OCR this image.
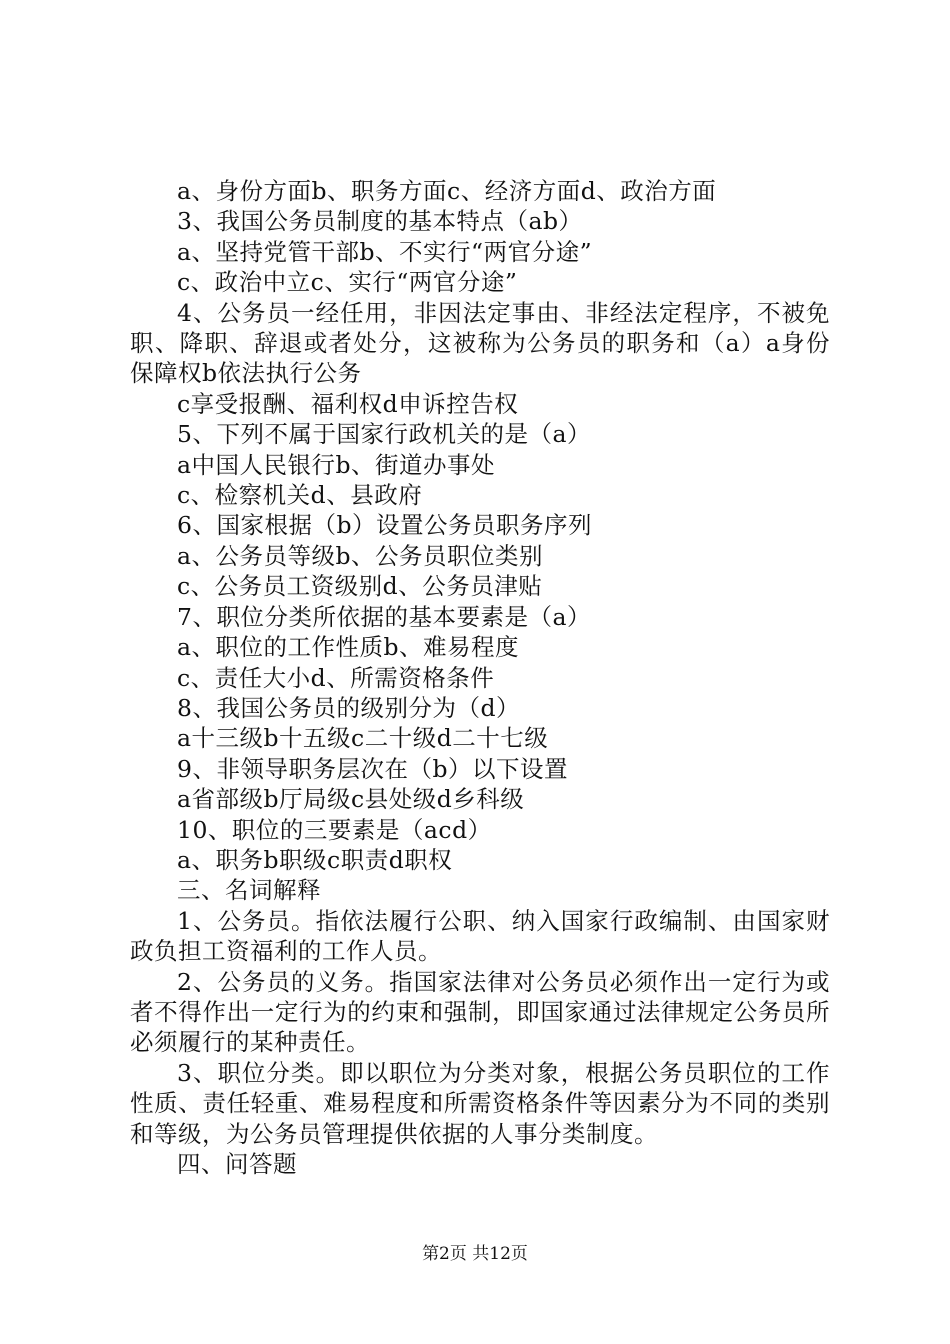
a、身份方面b、职务方面c、经济方面d、政治方面

3、我国公务员制度的基本特点（ab）

a、坚持党管干部b、不实行“两官分途”

c、政治中立c、实行“两官分途”

4、公务员一经任用，非因法定事由、非经法定程序，不被免职、降职、辞退或者处分，这被称为公务员的职务和（a）a身份保障权b依法执行公务

c享受报酬、福利权d申诉控告权

5、下列不属于国家行政机关的是（a）

a中国人民银行b、街道办事处

c、检察机关d、县政府

6、国家根据（b）设置公务员职务序列

a、公务员等级b、公务员职位类别

c、公务员工资级别d、公务员津贴

7、职位分类所依据的基本要素是（a）

a、职位的工作性质b、难易程度

c、责任大小d、所需资格条件

8、我国公务员的级别分为（d）

a十三级b十五级c二十级d二十七级

9、非领导职务层次在（b）以下设置

a省部级b厅局级c县处级d乡科级

10、职位的三要素是（acd）

a、职务b职级c职责d职权

三、名词解释

1、公务员。指依法履行公职、纳入国家行政编制、由国家财政负担工资福利的工作人员。

2、公务员的义务。指国家法律对公务员必须作出一定行为或者不得作出一定行为的约束和强制，即国家通过法律规定公务员所必须履行的某种责任。

3、职位分类。即以职位为分类对象，根据公务员职位的工作性质、责任轻重、难易程度和所需资格条件等因素分为不同的类别和等级，为公务员管理提供依据的人事分类制度。

四、问答题

第2页 共12页
